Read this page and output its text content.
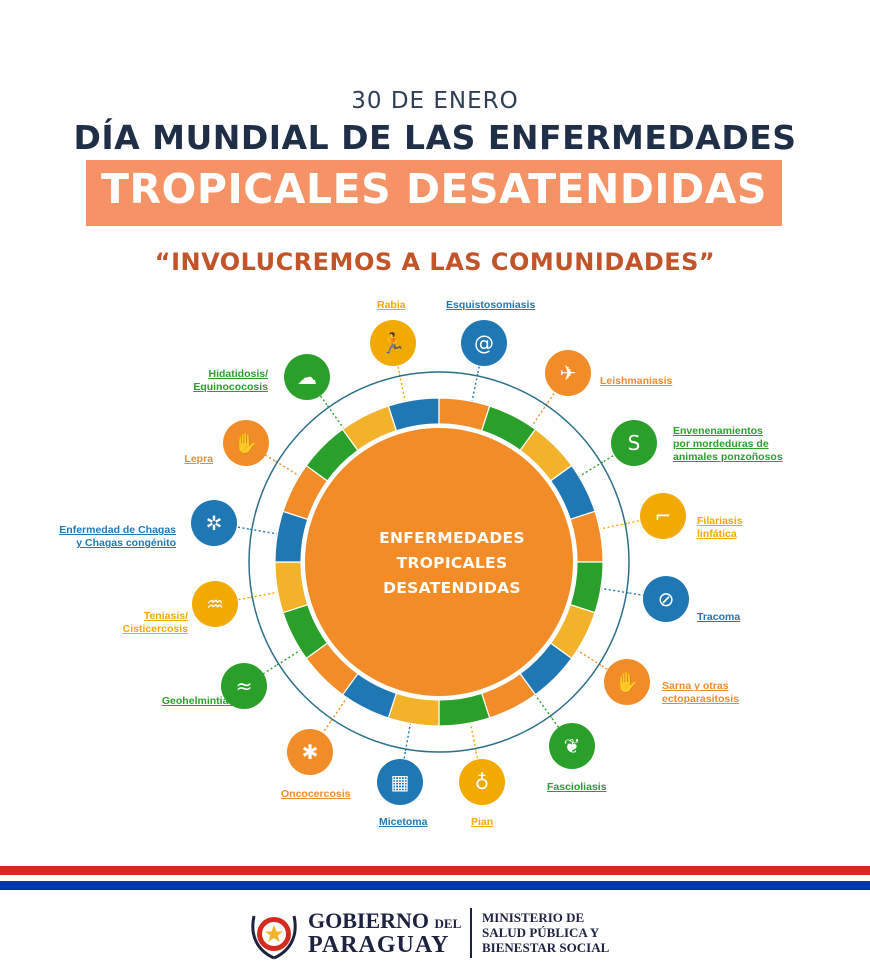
30 DE ENERO
DÍA MUNDIAL DE LAS ENFERMEDADES
TROPICALES DESATENDIDAS
“INVOLUCREMOS A LAS COMUNIDADES”
🏃	@
✈
S
⌐
⊘
✋
❦
♁
▦
✱
≈
♒
✲
✋
☁
ENFERMEDADES
TROPICALES
DESATENDIDAS
Rabia	Esquistosomiasis
Leishmaniasis
Envenenamientos
por mordeduras de
animales ponzoñosos
Filariasis
linfática
Tracoma
Sarna y otras
ectoparasitosis
Fascioliasis
Pian
Micetoma
Oncocercosis
Geohelmintiasis
Teniasis/
Cisticercosis
Enfermedad de Chagas
y Chagas congénito
Lepra
Hidatidosis/
Equinococosis
GOBIERNO DEL
PARAGUAY
MINISTERIO DE
SALUD PÚBLICA Y
BIENESTAR SOCIAL
